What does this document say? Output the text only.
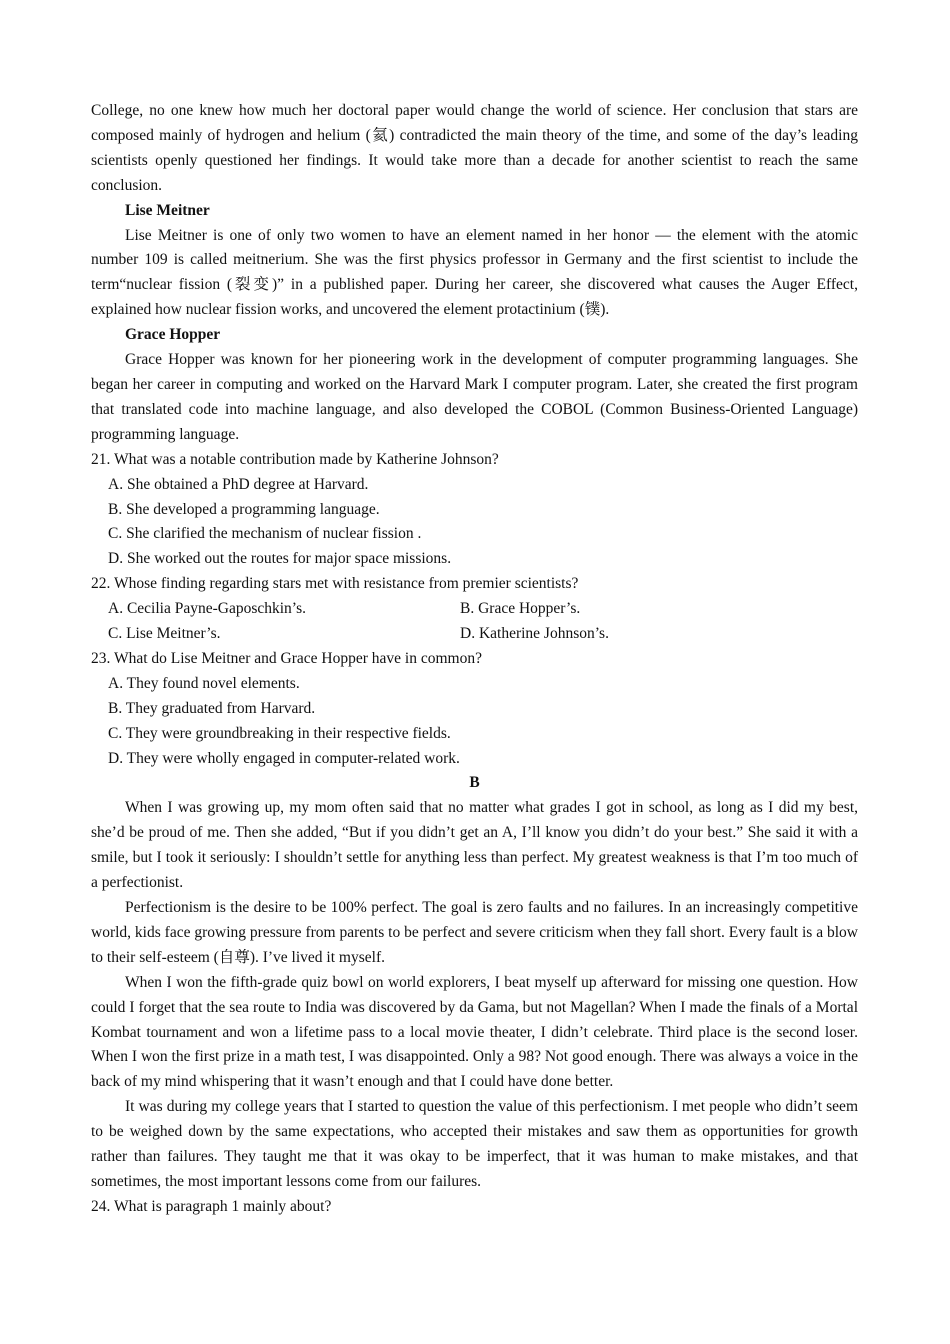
College, no one knew how much her doctoral paper would change the world of science. Her conclusion that stars are composed mainly of hydrogen and helium (氦) contradicted the main theory of the time, and some of the day’s leading scientists openly questioned her findings. It would take more than a decade for another scientist to reach the same conclusion.

Lise Meitner

Lise Meitner is one of only two women to have an element named in her honor — the element with the atomic number 109 is called meitnerium. She was the first physics professor in Germany and the first scientist to include the term“nuclear fission (裂变)” in a published paper. During her career, she discovered what causes the Auger Effect, explained how nuclear fission works, and uncovered the element protactinium (镤).

Grace Hopper

Grace Hopper was known for her pioneering work in the development of computer programming languages. She began her career in computing and worked on the Harvard Mark I computer program. Later, she created the first program that translated code into machine language, and also developed the COBOL (Common Business-Oriented Language) programming language.

21. What was a notable contribution made by Katherine Johnson?

A. She obtained a PhD degree at Harvard.

B. She developed a programming language.

C. She clarified the mechanism of nuclear fission .

D. She worked out the routes for major space missions.

22. Whose finding regarding stars met with resistance from premier scientists?

A. Cecilia Payne-Gaposchkin’s.	B. Grace Hopper’s.
C. Lise Meitner’s.	D. Katherine Johnson’s.

23. What do Lise Meitner and Grace Hopper have in common?

A. They found novel elements.

B. They graduated from Harvard.

C. They were groundbreaking in their respective fields.

D. They were wholly engaged in computer-related work.

B

When I was growing up, my mom often said that no matter what grades I got in school, as long as I did my best, she’d be proud of me. Then she added, “But if you didn’t get an A, I’ll know you didn’t do your best.” She said it with a smile, but I took it seriously: I shouldn’t settle for anything less than perfect. My greatest weakness is that I’m too much of a perfectionist.

Perfectionism is the desire to be 100% perfect. The goal is zero faults and no failures. In an increasingly competitive world, kids face growing pressure from parents to be perfect and severe criticism when they fall short. Every fault is a blow to their self-esteem (自尊). I’ve lived it myself.

When I won the fifth-grade quiz bowl on world explorers, I beat myself up afterward for missing one question. How could I forget that the sea route to India was discovered by da Gama, but not Magellan? When I made the finals of a Mortal Kombat tournament and won a lifetime pass to a local movie theater, I didn’t celebrate. Third place is the second loser. When I won the first prize in a math test, I was disappointed. Only a 98? Not good enough. There was always a voice in the back of my mind whispering that it wasn’t enough and that I could have done better.

It was during my college years that I started to question the value of this perfectionism. I met people who didn’t seem to be weighed down by the same expectations, who accepted their mistakes and saw them as opportunities for growth rather than failures. They taught me that it was okay to be imperfect, that it was human to make mistakes, and that sometimes, the most important lessons come from our failures.

24. What is paragraph 1 mainly about?
